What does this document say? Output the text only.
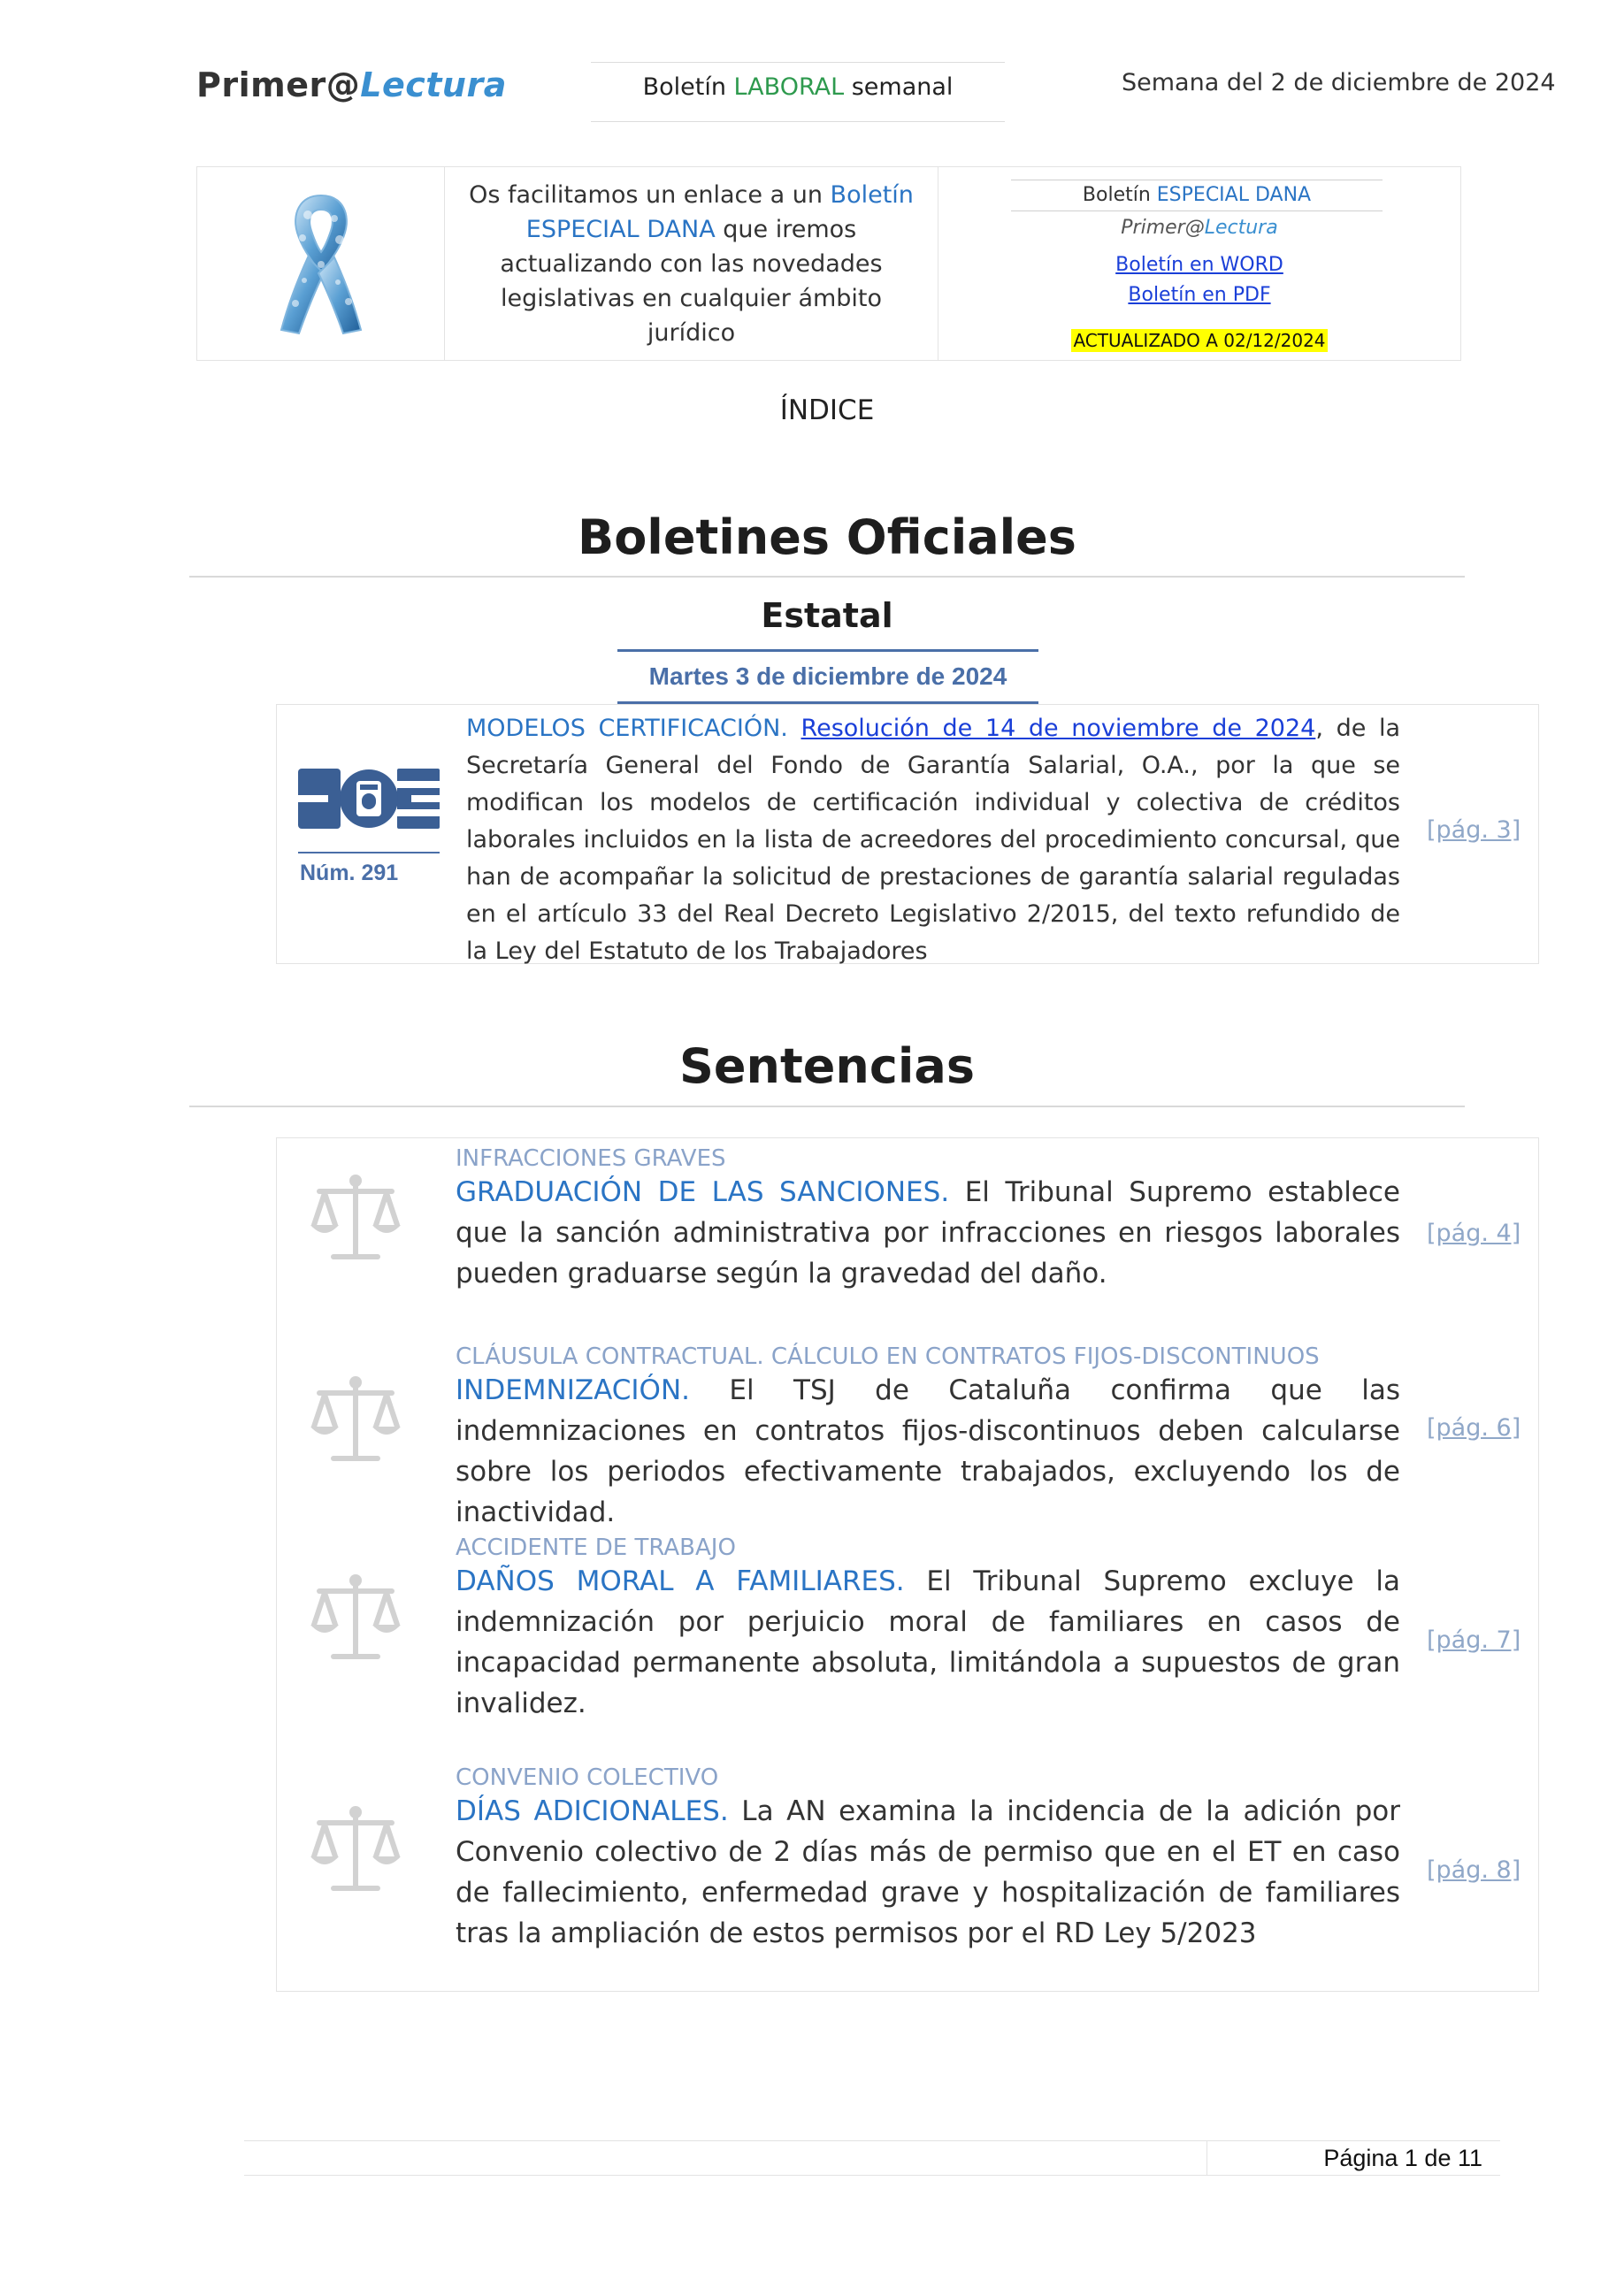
Primer@Lectura	Boletín LABORAL semanal	Semana del 2 de diciembre de 2024
Os facilitamos un enlace a un Boletín ESPECIAL DANA que iremos actualizando con las novedades legislativas en cualquier ámbito jurídico
Boletín ESPECIAL DANA
Primer@Lectura
Boletín en WORD
Boletín en PDF
ACTUALIZADO A 02/12/2024
ÍNDICE
Boletines Oficiales
Estatal
Martes 3 de diciembre de 2024
Núm. 291
MODELOS CERTIFICACIÓN. Resolución de 14 de noviembre de 2024, de la Secretaría General del Fondo de Garantía Salarial, O.A., por la que se modifican los modelos de certificación individual y colectiva de créditos laborales incluidos en la lista de acreedores del procedimiento concursal, que han de acompañar la solicitud de prestaciones de garantía salarial reguladas en el artículo 33 del Real Decreto Legislativo 2/2015, del texto refundido de la Ley del Estatuto de los Trabajadores
[pág. 3]
Sentencias
INFRACCIONES GRAVES
GRADUACIÓN DE LAS SANCIONES. El Tribunal Supremo establece que la sanción administrativa por infracciones en riesgos laborales pueden graduarse según la gravedad del daño.
[pág. 4]
CLÁUSULA CONTRACTUAL. CÁLCULO EN CONTRATOS FIJOS-DISCONTINUOS
INDEMNIZACIÓN. El TSJ de Cataluña confirma que las indemnizaciones en contratos fijos-discontinuos deben calcularse sobre los periodos efectivamente trabajados, excluyendo los de inactividad.
[pág. 6]
ACCIDENTE DE TRABAJO
DAÑOS MORAL A FAMILIARES. El Tribunal Supremo excluye la indemnización por perjuicio moral de familiares en casos de incapacidad permanente absoluta, limitándola a supuestos de gran invalidez.
[pág. 7]
CONVENIO COLECTIVO
DÍAS ADICIONALES. La AN examina la incidencia de la adición por Convenio colectivo de 2 días más de permiso que en el ET en caso de fallecimiento, enfermedad grave y hospitalización de familiares tras la ampliación de estos permisos por el RD Ley 5/2023
[pág. 8]
Página 1 de 11
